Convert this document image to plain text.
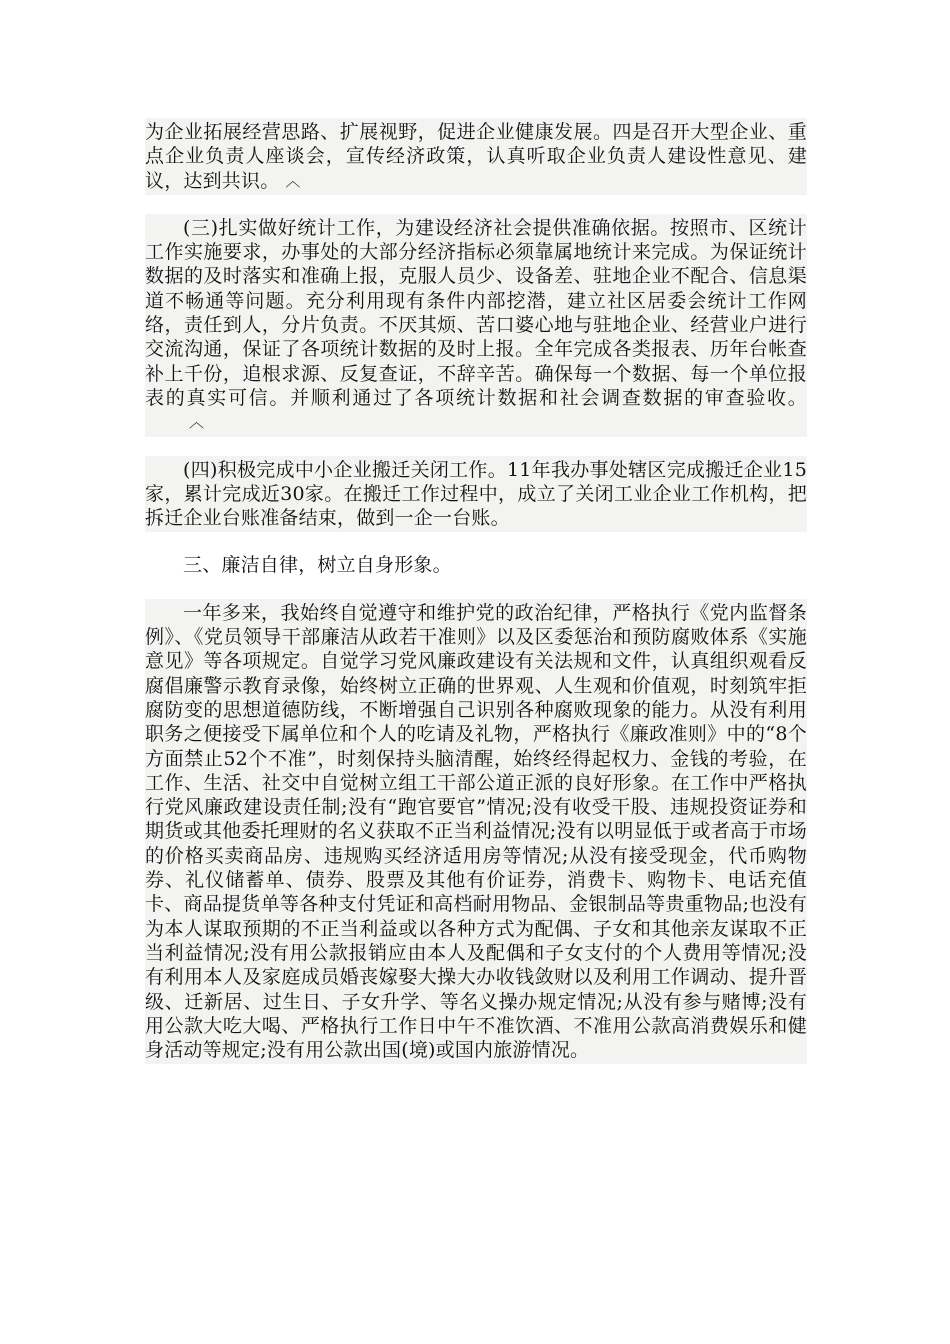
为企业拓展经营思路、扩展视野，促进企业健康发展。四是召开大型企业、重点企业负责人座谈会，宣传经济政策，认真听取企业负责人建设性意见、建议，达到共识。 ︿

(三)扎实做好统计工作，为建设经济社会提供准确依据。按照市、区统计工作实施要求，办事处的大部分经济指标必须靠属地统计来完成。为保证统计数据的及时落实和准确上报，克服人员少、设备差、驻地企业不配合、信息渠道不畅通等问题。充分利用现有条件内部挖潜，建立社区居委会统计工作网络，责任到人，分片负责。不厌其烦、苦口婆心地与驻地企业、经营业户进行交流沟通，保证了各项统计数据的及时上报。全年完成各类报表、历年台帐查补上千份，追根求源、反复查证，不辞辛苦。确保每一个数据、每一个单位报表的真实可信。并顺利通过了各项统计数据和社会调查数据的审查验收。︿

(四)积极完成中小企业搬迁关闭工作。11年我办事处辖区完成搬迁企业15家，累计完成近30家。在搬迁工作过程中，成立了关闭工业企业工作机构，把拆迁企业台账准备结束，做到一企一台账。

三、廉洁自律，树立自身形象。

一年多来，我始终自觉遵守和维护党的政治纪律，严格执行《党内监督条例》、《党员领导干部廉洁从政若干准则》以及区委惩治和预防腐败体系《实施意见》等各项规定。自觉学习党风廉政建设有关法规和文件，认真组织观看反腐倡廉警示教育录像，始终树立正确的世界观、人生观和价值观，时刻筑牢拒腐防变的思想道德防线，不断增强自己识别各种腐败现象的能力。从没有利用职务之便接受下属单位和个人的吃请及礼物，严格执行《廉政准则》中的“8个方面禁止52个不准”，时刻保持头脑清醒，始终经得起权力、金钱的考验，在工作、生活、社交中自觉树立组工干部公道正派的良好形象。在工作中严格执行党风廉政建设责任制;没有“跑官要官”情况;没有收受干股、违规投资证券和期货或其他委托理财的名义获取不正当利益情况;没有以明显低于或者高于市场的价格买卖商品房、违规购买经济适用房等情况;从没有接受现金，代币购物券、礼仪储蓄单、债券、股票及其他有价证券，消费卡、购物卡、电话充值卡、商品提货单等各种支付凭证和高档耐用物品、金银制品等贵重物品;也没有为本人谋取预期的不正当利益或以各种方式为配偶、子女和其他亲友谋取不正当利益情况;没有用公款报销应由本人及配偶和子女支付的个人费用等情况;没有利用本人及家庭成员婚丧嫁娶大操大办收钱敛财以及利用工作调动、提升晋级、迁新居、过生日、子女升学、等名义操办规定情况;从没有参与赌博;没有用公款大吃大喝、严格执行工作日中午不准饮酒、不准用公款高消费娱乐和健身活动等规定;没有用公款出国(境)或国内旅游情况。
